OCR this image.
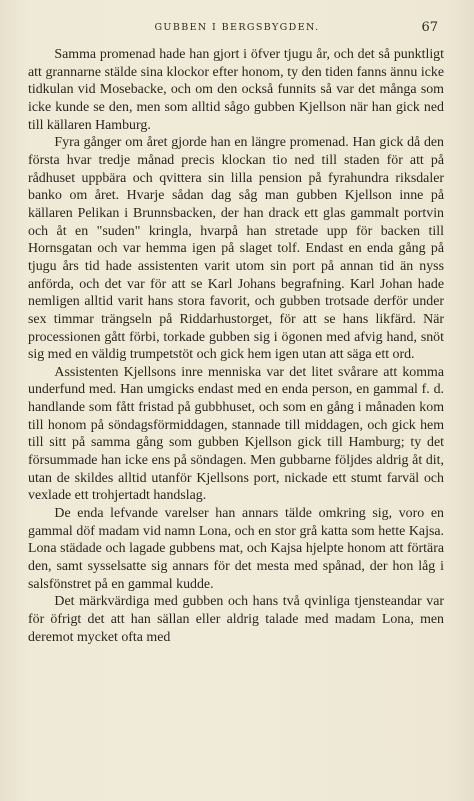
GUBBEN I BERGSBYGDEN.	67

Samma promenad hade han gjort i öfver tjugu år, och det så punktligt att grannarne stälde sina klockor efter honom, ty den tiden fanns ännu icke tidkulan vid Mosebacke, och om den också funnits så var det många som icke kunde se den, men som alltid sågo gubben Kjellson när han gick ned till källaren Hamburg.

Fyra gånger om året gjorde han en längre promenad. Han gick då den första hvar tredje månad precis klockan tio ned till staden för att på rådhuset uppbära och qvittera sin lilla pension på fyrahundra riksdaler banko om året. Hvarje sådan dag såg man gubben Kjellson inne på källaren Pelikan i Brunnsbacken, der han drack ett glas gammalt portvin och åt en "suden" kringla, hvarpå han stretade upp för backen till Hornsgatan och var hemma igen på slaget tolf. Endast en enda gång på tjugu års tid hade assistenten varit utom sin port på annan tid än nyss anförda, och det var för att se Karl Johans begrafning. Karl Johan hade nemligen alltid varit hans stora favorit, och gubben trotsade derför under sex timmar trängseln på Riddarhustorget, för att se hans likfärd. När processionen gått förbi, torkade gubben sig i ögonen med afvig hand, snöt sig med en väldig trumpetstöt och gick hem igen utan att säga ett ord.

Assistenten Kjellsons inre menniska var det litet svårare att komma underfund med. Han umgicks endast med en enda person, en gammal f. d. handlande som fått fristad på gubbhuset, och som en gång i månaden kom till honom på söndagsförmiddagen, stannade till middagen, och gick hem till sitt på samma gång som gubben Kjellson gick till Hamburg; ty det försummade han icke ens på söndagen. Men gubbarne följdes aldrig åt dit, utan de skildes alltid utanför Kjellsons port, nickade ett stumt farväl och vexlade ett trohjertadt handslag.

De enda lefvande varelser han annars tälde omkring sig, voro en gammal döf madam vid namn Lona, och en stor grå katta som hette Kajsa. Lona städade och lagade gubbens mat, och Kajsa hjelpte honom att förtära den, samt sysselsatte sig annars för det mesta med spånad, der hon låg i salsfönstret på en gammal kudde.

Det märkvärdiga med gubben och hans två qvinliga tjensteandar var för öfrigt det att han sällan eller aldrig talade med madam Lona, men deremot mycket ofta med
